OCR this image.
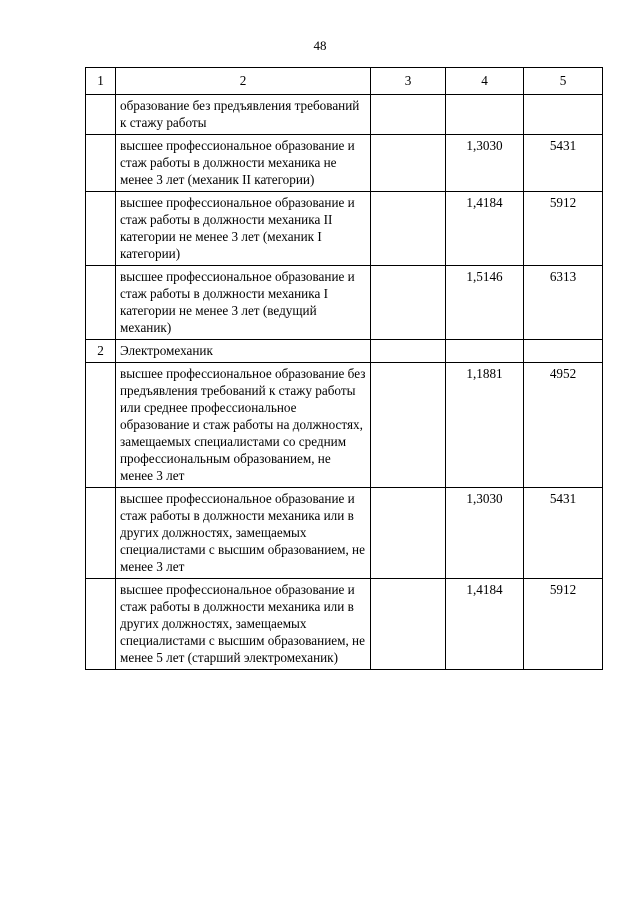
48
1	2	3	4	5
	образование без предъявления требований к стажу работы			
	высшее профессиональное образование и стаж работы в должности механика не менее 3 лет (механик II категории)		1,3030	5431
	высшее профессиональное образование и стаж работы в должности механика II категории не менее 3 лет (механик I категории)		1,4184	5912
	высшее профессиональное образование и стаж работы в должности механика I категории не менее 3 лет (ведущий механик)		1,5146	6313
2	Электромеханик			
	высшее профессиональное образование без предъявления требований к стажу работы или среднее профессиональное образование и стаж работы на должностях, замещаемых специалистами со средним профессиональным образованием, не менее 3 лет		1,1881	4952
	высшее профессиональное образование и стаж работы в должности механика или в других должностях, замещаемых специалистами с высшим образованием, не менее 3 лет		1,3030	5431
	высшее профессиональное образование и стаж работы в должности механика или в других должностях, замещаемых специалистами с высшим образованием, не менее 5 лет (старший электромеханик)		1,4184	5912
